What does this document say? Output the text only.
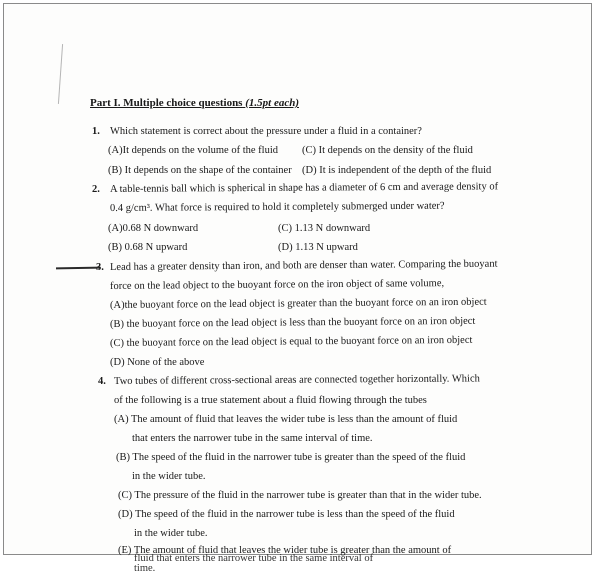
Part I. Multiple choice questions (1.5pt each)
1. Which statement is correct about the pressure under a fluid in a container?
(A)It depends on the volume of the fluid (C) It depends on the density of the fluid
(B) It depends on the shape of the container (D) It is independent of the depth of the fluid
2. A table-tennis ball which is spherical in shape has a diameter of 6 cm and average density of
0.4 g/cm³. What force is required to hold it completely submerged under water?
(A)0.68 N downward	(C) 1.13 N downward
(B) 0.68 N upward	(D) 1.13 N upward
3. Lead has a greater density than iron, and both are denser than water. Comparing the buoyant
force on the lead object to the buoyant force on the iron object of same volume,
(A)the buoyant force on the lead object is greater than the buoyant force on an iron object
(B) the buoyant force on the lead object is less than the buoyant force on an iron object
(C) the buoyant force on the lead object is equal to the buoyant force on an iron object
(D) None of the above
4. Two tubes of different cross-sectional areas are connected together horizontally. Which
of the following is a true statement about a fluid flowing through the tubes
(A) The amount of fluid that leaves the wider tube is less than the amount of fluid
that enters the narrower tube in the same interval of time.
(B) The speed of the fluid in the narrower tube is greater than the speed of the fluid
in the wider tube.
(C) The pressure of the fluid in the narrower tube is greater than that in the wider tube.
(D) The speed of the fluid in the narrower tube is less than the speed of the fluid
in the wider tube.
(E) The amount of fluid that leaves the wider tube is greater than the amount of
fluid that enters the narrower tube in the same interval of time.
